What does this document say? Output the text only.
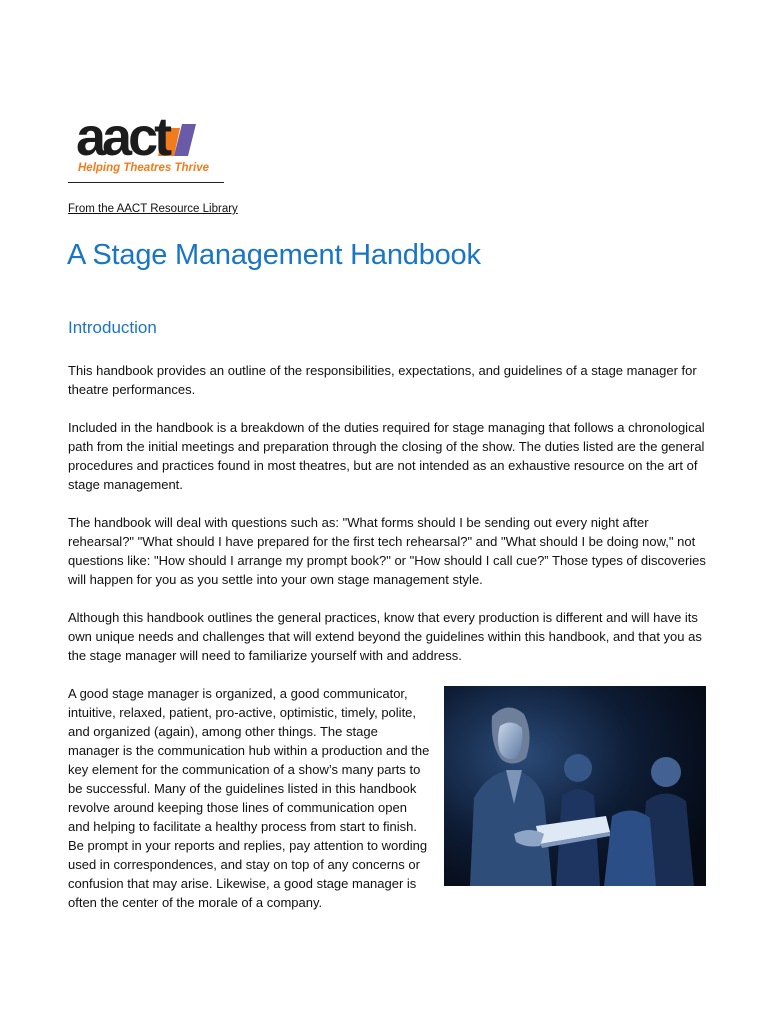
aact
Helping Theatres Thrive
From the AACT Resource Library
A Stage Management Handbook
Introduction

This handbook provides an outline of the responsibilities, expectations, and guidelines of a stage manager for theatre performances.

Included in the handbook is a breakdown of the duties required for stage managing that follows a chronological path from the initial meetings and preparation through the closing of the show. The duties listed are the general procedures and practices found in most theatres, but are not intended as an exhaustive resource on the art of stage management.

The handbook will deal with questions such as: "What forms should I be sending out every night after rehearsal?" "What should I have prepared for the first tech rehearsal?" and "What should I be doing now," not questions like: "How should I arrange my prompt book?" or "How should I call cue?” Those types of discoveries will happen for you as you settle into your own stage management style.

Although this handbook outlines the general practices, know that every production is different and will have its own unique needs and challenges that will extend beyond the guidelines within this handbook, and that you as the stage manager will need to familiarize yourself with and address.

A good stage manager is organized, a good communicator, intuitive, relaxed, patient, pro-active, optimistic, timely, polite, and organized (again), among other things. The stage manager is the communication hub within a production and the key element for the communication of a show’s many parts to be successful. Many of the guidelines listed in this handbook revolve around keeping those lines of communication open and helping to facilitate a healthy process from start to finish. Be prompt in your reports and replies, pay attention to wording used in correspondences, and stay on top of any concerns or confusion that may arise. Likewise, a good stage manager is often the center of the morale of a company.
